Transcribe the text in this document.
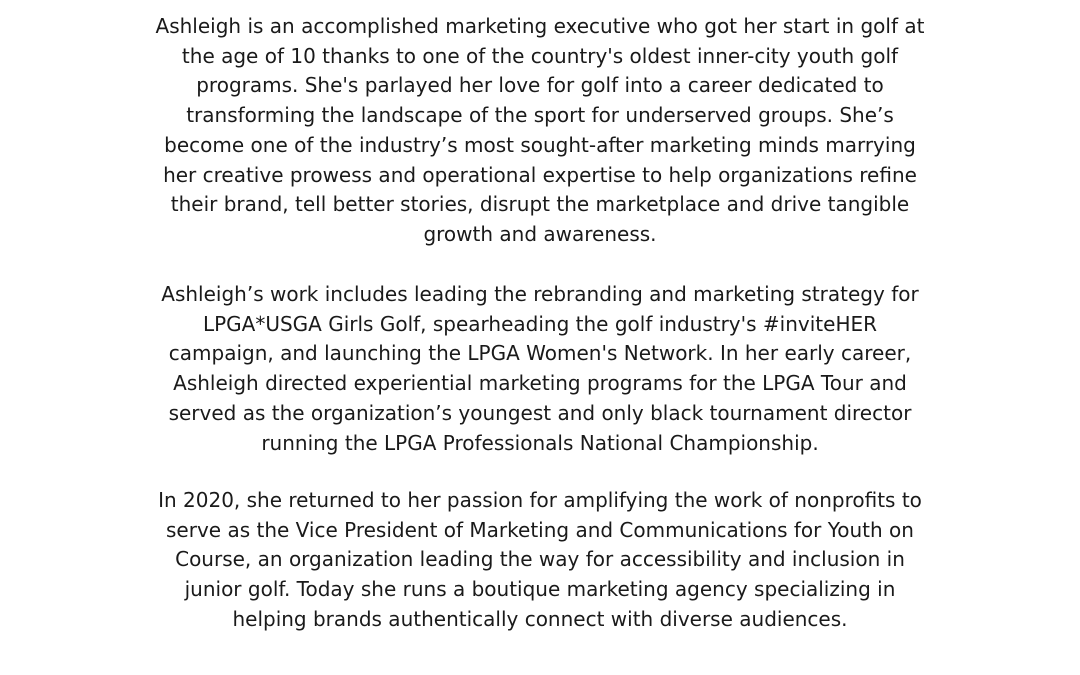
Ashleigh is an accomplished marketing executive who got her start in golf at
the age of 10 thanks to one of the country's oldest inner-city youth golf
programs. She's parlayed her love for golf into a career dedicated to
transforming the landscape of the sport for underserved groups. She’s
become one of the industry’s most sought-after marketing minds marrying
her creative prowess and operational expertise to help organizations refine
their brand, tell better stories, disrupt the marketplace and drive tangible
growth and awareness.

Ashleigh’s work includes leading the rebranding and marketing strategy for
LPGA*USGA Girls Golf, spearheading the golf industry's #inviteHER
campaign, and launching the LPGA Women's Network. In her early career,
Ashleigh directed experiential marketing programs for the LPGA Tour and
served as the organization’s youngest and only black tournament director
running the LPGA Professionals National Championship.

In 2020, she returned to her passion for amplifying the work of nonprofits to
serve as the Vice President of Marketing and Communications for Youth on
Course, an organization leading the way for accessibility and inclusion in
junior golf. Today she runs a boutique marketing agency specializing in
helping brands authentically connect with diverse audiences.
